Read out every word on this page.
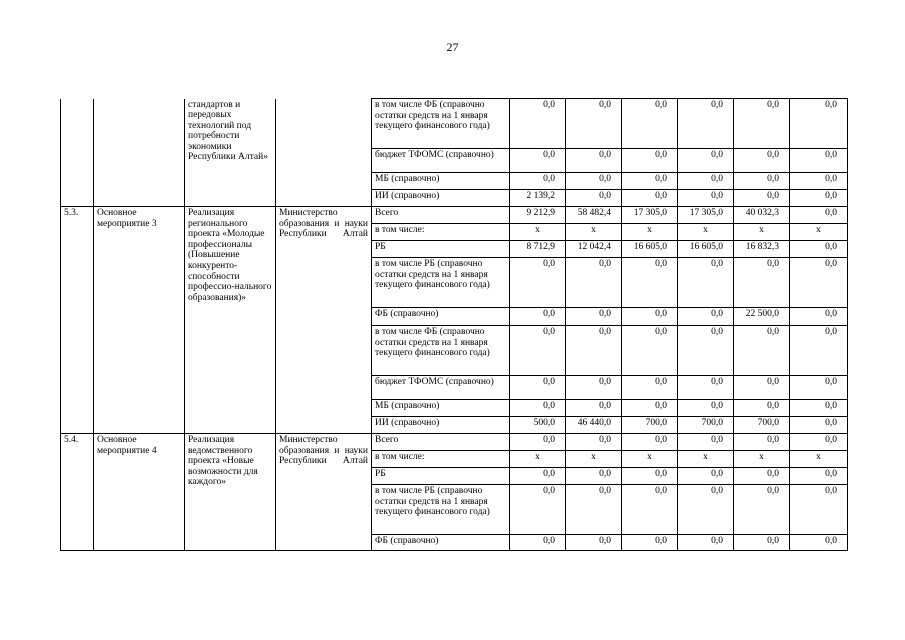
27
		стандартов и передовых технологий под потребности экономики Республики Алтай»		в том числе ФБ (справочно остатки средств на 1 января текущего финансового года)	0,0	0,0	0,0	0,0	0,0	0,0
				бюджет ТФОМС (справочно)	0,0	0,0	0,0	0,0	0,0	0,0
				МБ (справочно)	0,0	0,0	0,0	0,0	0,0	0,0
				ИИ (справочно)	2 139,2	0,0	0,0	0,0	0,0	0,0
5.3.	Основное мероприятие 3	Реализация регионального проекта «Молодые профессионалы (Повышение конкуренто-способности профессио-нального образования)»	Министерство образования и науки Республики Алтай	Всего	9 212,9	58 482,4	17 305,0	17 305,0	40 032,3	0,0
				в том числе:	x	x	x	x	x	x
				РБ	8 712,9	12 042,4	16 605,0	16 605,0	16 832,3	0,0
				в том числе РБ (справочно остатки средств на 1 января текущего финансового года)	0,0	0,0	0,0	0,0	0,0	0,0
				ФБ (справочно)	0,0	0,0	0,0	0,0	22 500,0	0,0
				в том числе ФБ (справочно остатки средств на 1 января текущего финансового года)	0,0	0,0	0,0	0,0	0,0	0,0
				бюджет ТФОМС (справочно)	0,0	0,0	0,0	0,0	0,0	0,0
				МБ (справочно)	0,0	0,0	0,0	0,0	0,0	0,0
				ИИ (справочно)	500,0	46 440,0	700,0	700,0	700,0	0,0
5.4.	Основное мероприятие 4	Реализация ведомственного проекта «Новые возможности для каждого»	Министерство образования и науки Республики Алтай	Всего	0,0	0,0	0,0	0,0	0,0	0,0
				в том числе:	x	x	x	x	x	x
				РБ	0,0	0,0	0,0	0,0	0,0	0,0
				в том числе РБ (справочно остатки средств на 1 января текущего финансового года)	0,0	0,0	0,0	0,0	0,0	0,0
				ФБ (справочно)	0,0	0,0	0,0	0,0	0,0	0,0
